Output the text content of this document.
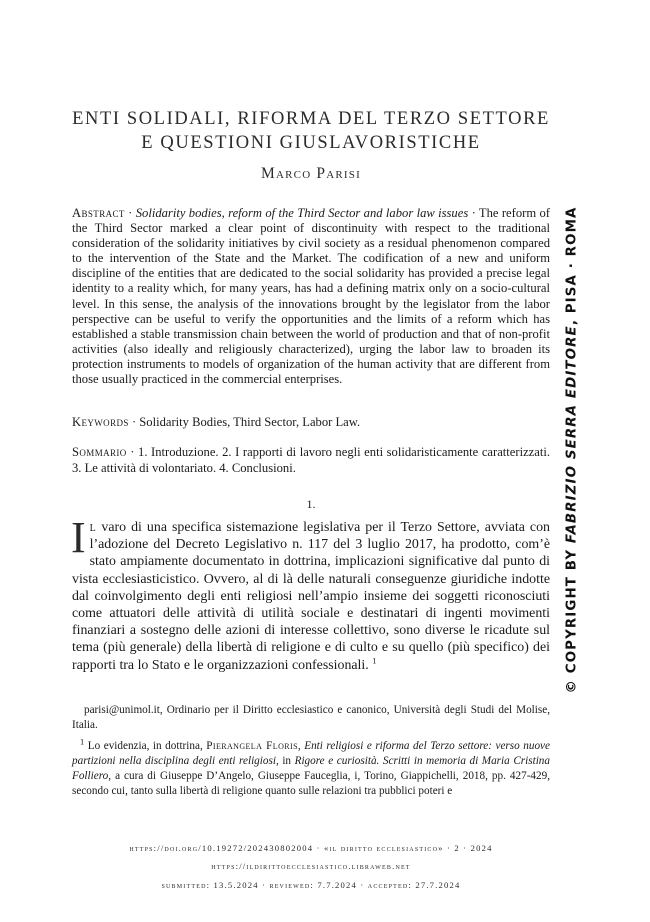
ENTI SOLIDALI, RIFORMA DEL TERZO SETTORE
E QUESTIONI GIUSLAVORISTICHE
Marco Parisi
Abstract · Solidarity bodies, reform of the Third Sector and labor law issues · The reform of the Third Sector marked a clear point of discontinuity with respect to the traditional consideration of the solidarity initiatives by civil society as a residual phenomenon compared to the intervention of the State and the Market. The codification of a new and uniform discipline of the entities that are dedicated to the social solidarity has provided a precise legal identity to a reality which, for many years, has had a defining matrix only on a socio-cultural level. In this sense, the analysis of the innovations brought by the legislator from the labor perspective can be useful to verify the opportunities and the limits of a reform which has established a stable transmission chain between the world of production and that of non-profit activities (also ideally and religiously characterized), urging the labor law to broaden its protection instruments to models of organization of the human activity that are different from those usually practiced in the commercial enterprises.
Keywords · Solidarity Bodies, Third Sector, Labor Law.
Sommario · 1. Introduzione. 2. I rapporti di lavoro negli enti solidaristicamente caratterizzati. 3. Le attività di volontariato. 4. Conclusioni.
1.
Il varo di una specifica sistemazione legislativa per il Terzo Settore, avviata con l’adozione del Decreto Legislativo n. 117 del 3 luglio 2017, ha prodotto, com’è stato ampiamente documentato in dottrina, implicazioni significative dal punto di vista ecclesiasticistico. Ovvero, al di là delle naturali conseguenze giuridiche indotte dal coinvolgimento degli enti religiosi nell’ampio insieme dei soggetti riconosciuti come attuatori delle attività di utilità sociale e destinatari di ingenti movimenti finanziari a sostegno delle azioni di interesse collettivo, sono diverse le ricadute sul tema (più generale) della libertà di religione e di culto e su quello (più specifico) dei rapporti tra lo Stato e le organizzazioni confessionali. $^1$

parisi@unimol.it, Ordinario per il Diritto ecclesiastico e canonico, Università degli Studi del Molise, Italia.

$^1$ Lo evidenzia, in dottrina, Pierangela Floris, Enti religiosi e riforma del Terzo settore: verso nuove partizioni nella disciplina degli enti religiosi, in Rigore e curiosità. Scritti in memoria di Maria Cristina Folliero, a cura di Giuseppe D’Angelo, Giuseppe Fauceglia, i, Torino, Giappichelli, 2018, pp. 427-429, secondo cui, tanto sulla libertà di religione quanto sulle relazioni tra pubblici poteri e

https://doi.org/10.19272/202430802004 · «il diritto ecclesiastico» · 2 · 2024
https://ildirittoecclesiastico.libraweb.net
submitted: 13.5.2024 · reviewed: 7.7.2024 · accepted: 27.7.2024
© COPYRIGHT BY FABRIZIO SERRA EDITORE, PISA · ROMA
